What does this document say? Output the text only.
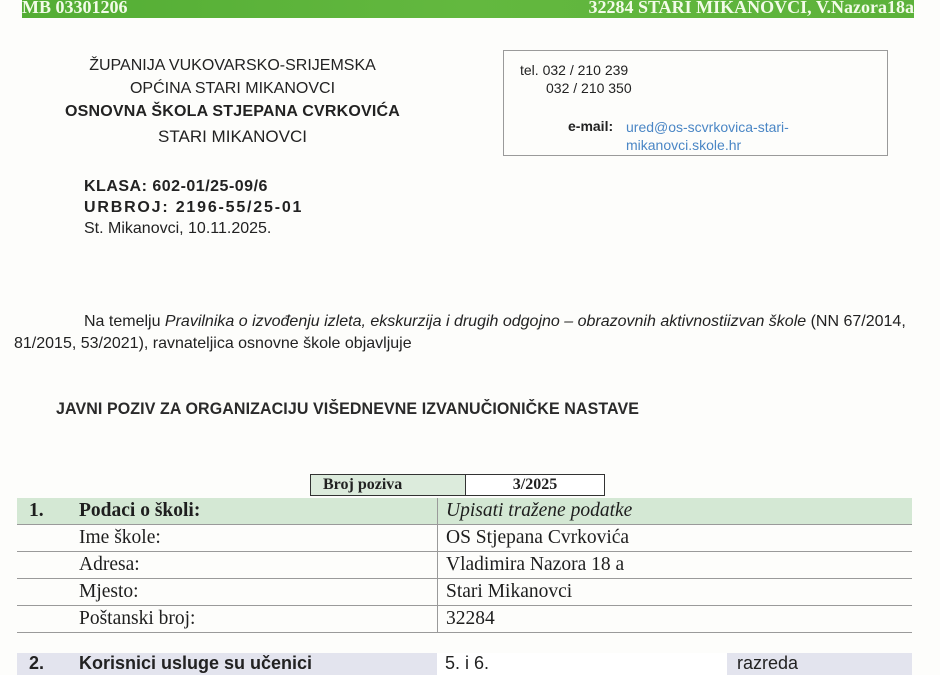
MB 03301206	32284 STARI MIKANOVCI, V.Nazora18a
ŽUPANIJA VUKOVARSKO-SRIJEMSKA
OPĆINA STARI MIKANOVCI
OSNOVNA ŠKOLA STJEPANA CVRKOVIĆA
STARI MIKANOVCI
tel. 032 / 210 239
032 / 210 350
e-mail: ured@os-scvrkovica-stari-mikanovci.skole.hr
KLASA: 602-01/25-09/6
URBROJ: 2196-55/25-01
St. Mikanovci, 10.11.2025.
Na temelju Pravilnika o izvođenju izleta, ekskurzija i drugih odgojno – obrazovnih aktivnostiizvan škole (NN 67/2014, 81/2015, 53/2021), ravnateljica osnovne škole objavljuje
JAVNI POZIV ZA ORGANIZACIJU VIŠEDNEVNE IZVANUČIONIČKE NASTAVE
Broj poziva	3/2025
1.	Podaci o školi:	Upisati tražene podatke
	Ime škole:	OS Stjepana Cvrkovića
	Adresa:	Vladimira Nazora 18 a
	Mjesto:	Stari Mikanovci
	Poštanski broj:	32284
2.	Korisnici usluge su učenici	5. i 6.	razreda
